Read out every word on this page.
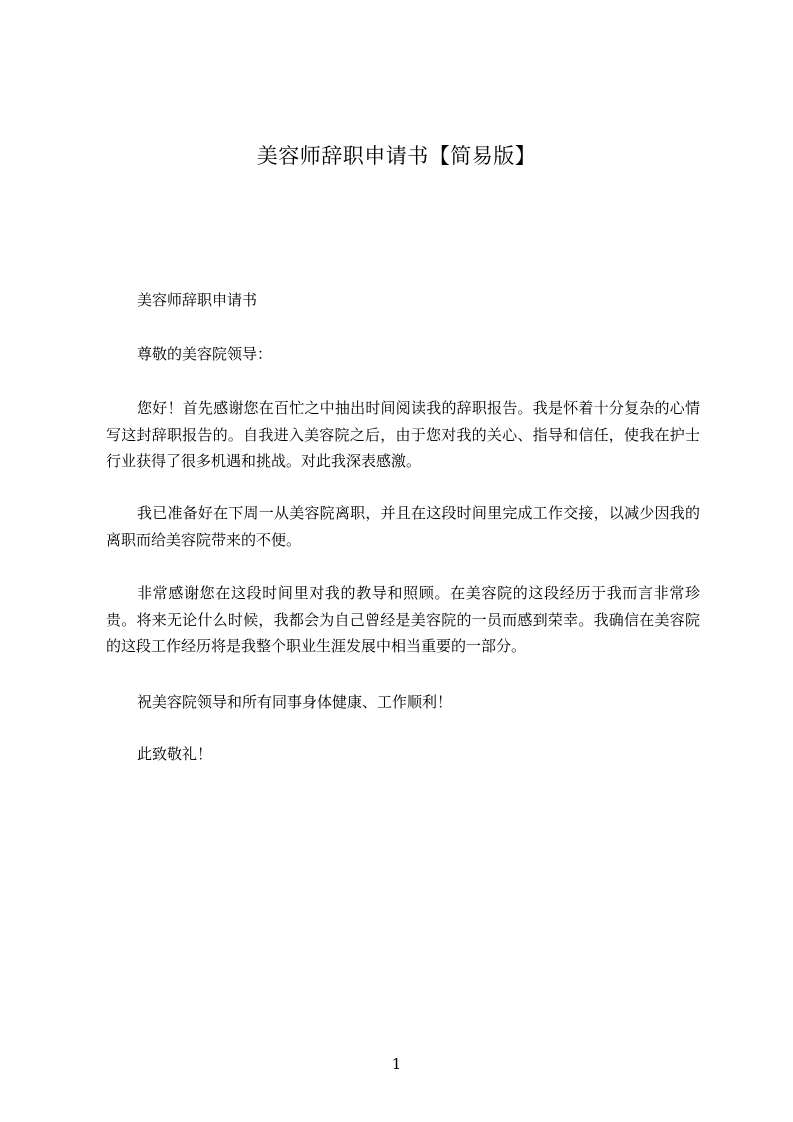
美容师辞职申请书【简易版】
美容师辞职申请书
尊敬的美容院领导：
您好！首先感谢您在百忙之中抽出时间阅读我的辞职报告。我是怀着十分复杂的心情写这封辞职报告的。自我进入美容院之后，由于您对我的关心、指导和信任，使我在护士行业获得了很多机遇和挑战。对此我深表感激。
我已准备好在下周一从美容院离职，并且在这段时间里完成工作交接，以减少因我的离职而给美容院带来的不便。
非常感谢您在这段时间里对我的教导和照顾。在美容院的这段经历于我而言非常珍贵。将来无论什么时候，我都会为自己曾经是美容院的一员而感到荣幸。我确信在美容院的这段工作经历将是我整个职业生涯发展中相当重要的一部分。
祝美容院领导和所有同事身体健康、工作顺利！
此致敬礼！
1
